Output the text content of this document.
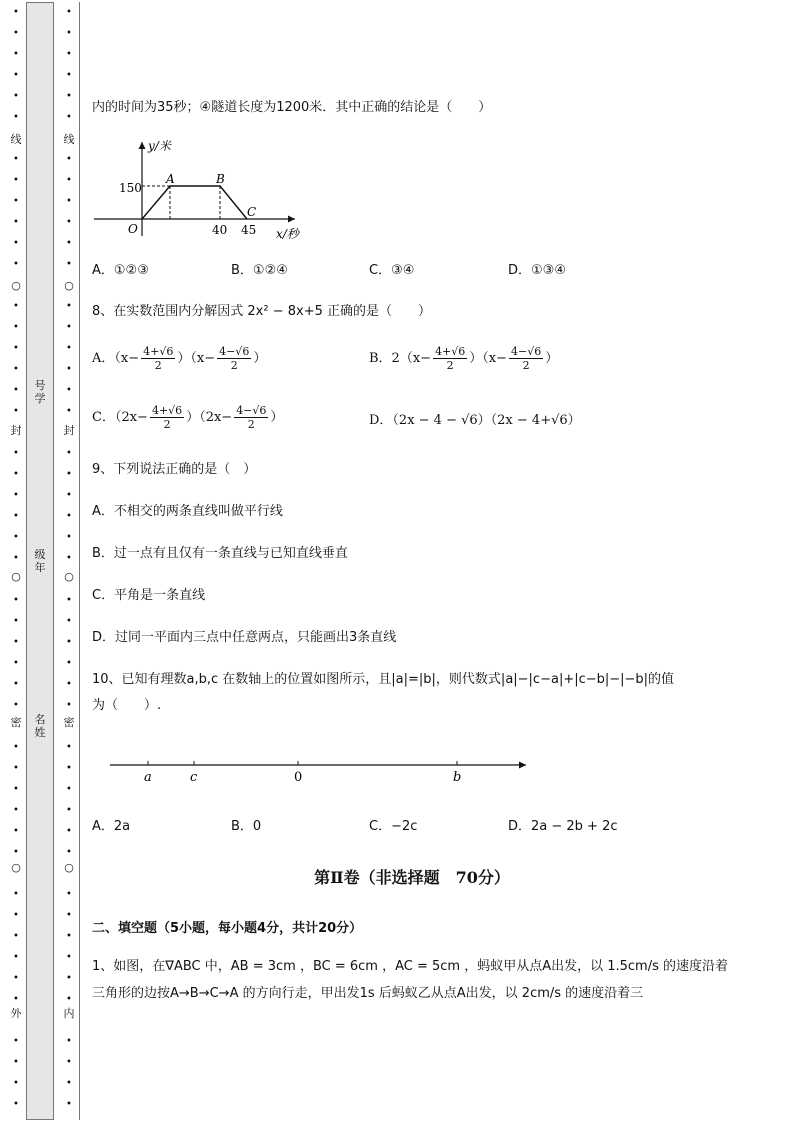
•
•
•
•
•
•
线
•
•
•
•
•
•
○
•
•
•
•
•
•
封
•
•
•
•
•
•
○
•
•
•
•
•
•
密
•
•
•
•
•
•
○
•
•
•
•
•
•
外
•
•
•
•
号
学
级
年
名
姓
•
•
•
•
•
•
线
•
•
•
•
•
•
○
•
•
•
•
•
•
封
•
•
•
•
•
•
○
•
•
•
•
•
•
密
•
•
•
•
•
•
○
•
•
•
•
•
•
内
•
•
•
•
内的时间为35秒；④隧道长度为1200米．其中正确的结论是（　　）
y/米
150
O
A	B
C
40 45 x/秒
A．①②③	B．①②④	C．③④	D．①③④
8、在实数范围内分解因式 2x² − 8x+5 正确的是（　　）
A．$(x- \frac{4+√6}{2} )(x- \frac{4-√6}{2}$ ）	B．$2(x- \frac{4+√6}{2} )(x- \frac{4-√6}{2}$ ）
C．$(2x- \frac{4+√6}{2} )(2x- \frac{4-√6}{2}$ ）	D．（2x − 4 − √6）（2x − 4+√6）
9、下列说法正确的是（　）
A．不相交的两条直线叫做平行线
B．过一点有且仅有一条直线与已知直线垂直
C．平角是一条直线
D．过同一平面内三点中任意两点，只能画出3条直线
10、已知有理数a,b,c 在数轴上的位置如图所示，且|a|=|b|，则代数式|a|−|c−a|+|c−b|−|−b|的值
为（　　）.
a	c	0	b
A．2a	B．0	C．−2c	D．2a − 2b + 2c
第Ⅱ卷（非选择题　70分）
二、填空题（5小题，每小题4分，共计20分）
1、如图，在∇ABC 中，AB = 3cm ，BC = 6cm ，AC = 5cm ，蚂蚁甲从点A出发，以 1.5cm/s 的速度沿着
三角形的边按A→B→C→A 的方向行走，甲出发1s 后蚂蚁乙从点A出发，以 2cm/s 的速度沿着三
